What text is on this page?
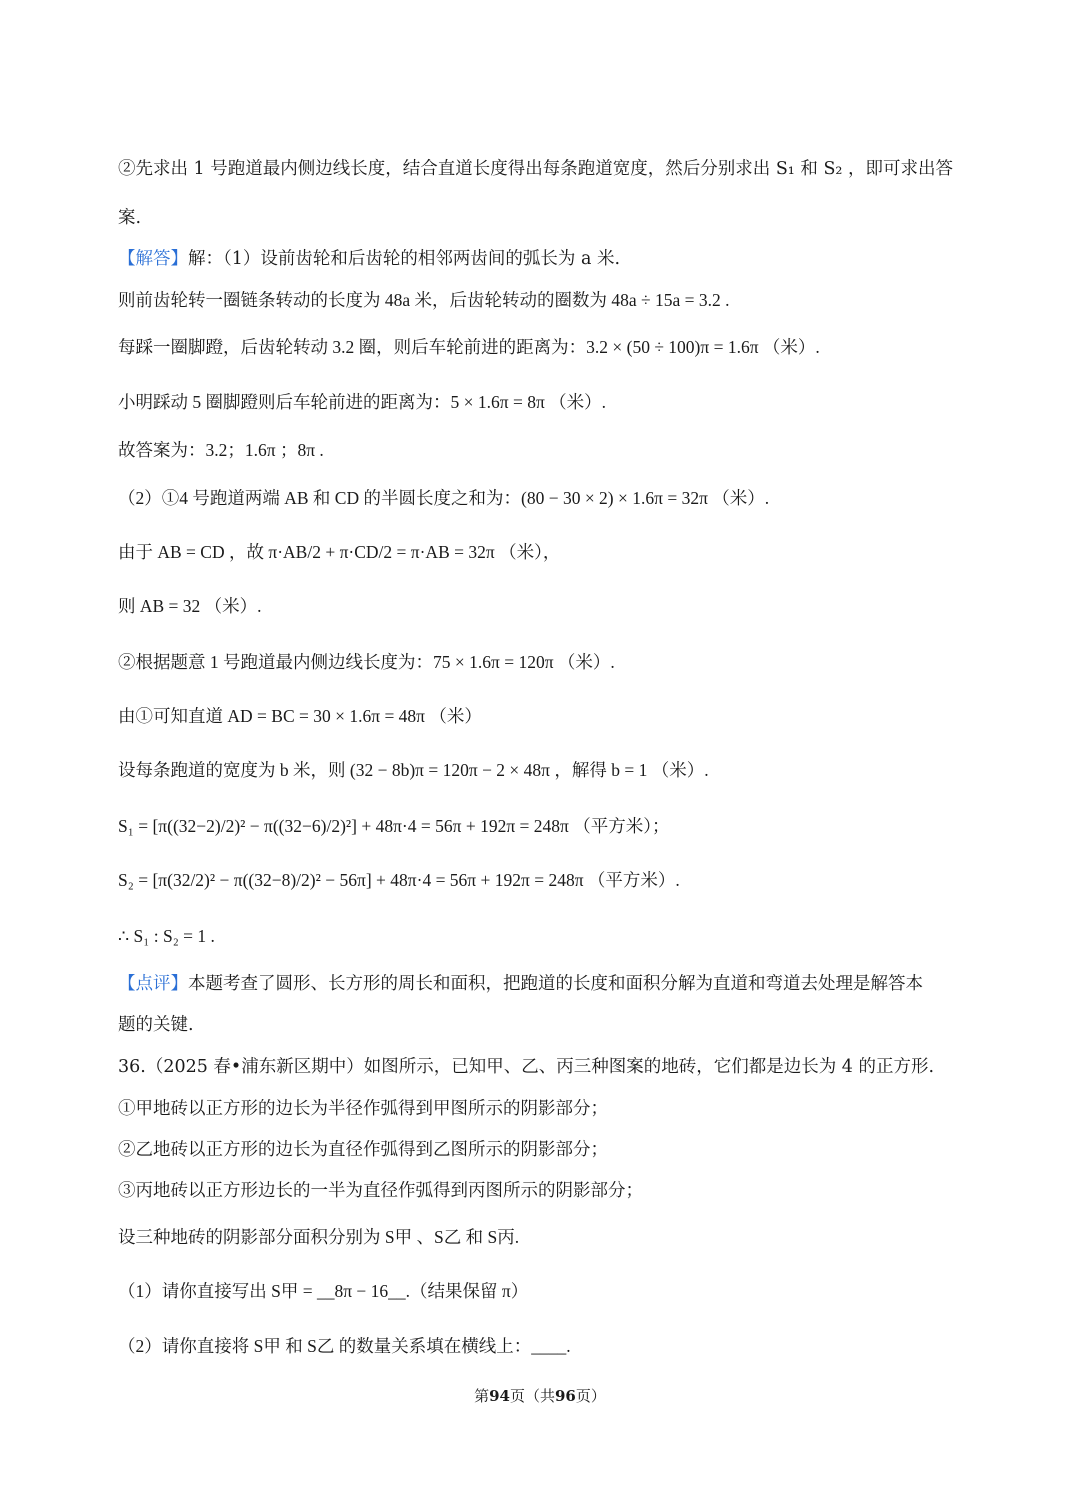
②先求出 1 号跑道最内侧边线长度，结合直道长度得出每条跑道宽度，然后分别求出 S₁ 和 S₂ ，即可求出答
案.
【解答】解：（1）设前齿轮和后齿轮的相邻两齿间的弧长为 a 米.
则前齿轮转一圈链条转动的长度为 48a 米，后齿轮转动的圈数为 48a ÷ 15a = 3.2 .
每踩一圈脚蹬，后齿轮转动 3.2 圈，则后车轮前进的距离为：3.2 × (50 ÷ 100)π = 1.6π （米）.
小明踩动 5 圈脚蹬则后车轮前进的距离为：5 × 1.6π = 8π （米）.
故答案为：3.2；1.6π ；8π .
（2）①4 号跑道两端 AB 和 CD 的半圆长度之和为：(80 − 30 × 2) × 1.6π = 32π （米）.
由于 AB = CD ，故 π·AB/2 + π·CD/2 = π·AB = 32π （米），
则 AB = 32 （米）.
②根据题意 1 号跑道最内侧边线长度为：75 × 1.6π = 120π （米）.
由①可知直道 AD = BC = 30 × 1.6π = 48π （米）
设每条跑道的宽度为 b 米，则 (32 − 8b)π = 120π − 2 × 48π ，解得 b = 1 （米）.
S₁ = [π((32−2)/2)² − π((32−6)/2)²] + 48π·4 = 56π + 192π = 248π （平方米）；
S₂ = [π(32/2)² − π((32−8)/2)² − 56π] + 48π·4 = 56π + 192π = 248π （平方米）.
∴ S₁ : S₂ = 1 .
【点评】本题考查了圆形、长方形的周长和面积，把跑道的长度和面积分解为直道和弯道去处理是解答本
题的关键.
36.（2025 春•浦东新区期中）如图所示，已知甲、乙、丙三种图案的地砖，它们都是边长为 4 的正方形.
①甲地砖以正方形的边长为半径作弧得到甲图所示的阴影部分；
②乙地砖以正方形的边长为直径作弧得到乙图所示的阴影部分；
③丙地砖以正方形边长的一半为直径作弧得到丙图所示的阴影部分；
设三种地砖的阴影部分面积分别为 S甲 、S乙 和 S丙.
（1）请你直接写出 S甲 = __8π − 16__.（结果保留 π）
（2）请你直接将 S甲 和 S乙 的数量关系填在横线上：____.
第94页（共96页）
